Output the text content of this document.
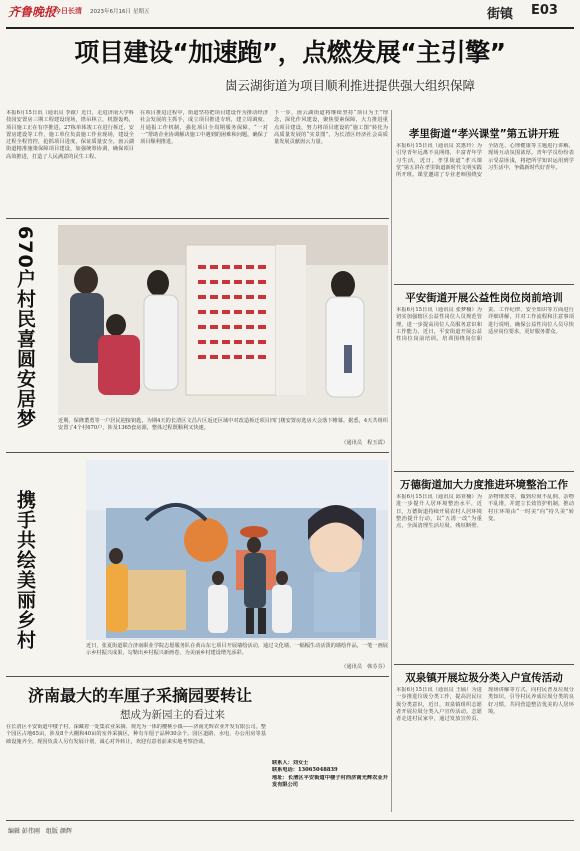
齐鲁晚报
今日长清 2023年6月16日 星期五	街镇 E03
项目建设“加速跑”，点燃发展“主引擎”
崮云湖街道为项目顺利推进提供强大组织保障
本报6月15日讯（通讯员 李歙）近日，走进济南大学科技园安置房三期工程建设现场，塔吊林立，机器轰鸣，项目施工正在有序推进。27栋单体竣工在进行拆迁、安置房建设等工作，施工单位负责施工作业现场，建设全过程全程管控，抢抓项目进度，保证质量安全。崮云湖街道精准施策保障项目建设，加强统筹协调，确保项目高效推进，打造了人民满意的民生工程。
在项目推进过程中，街道坚持把项目建设作为推动经济社会发展的主抓手，成立项目推进专班，建立周调度、月通报工作机制，强化项目全周期服务保障，“一对一”帮助企业协调解决施工中遇到的困难和问题，确保了项目顺利推进。
下一步，崮云湖街道将继续坚持“项目为王”理念，深化作风建设，聚焦要素保障，大力推进重点项目建设，努力将项目建设的“施工图”转化为高质量发展的“实景图”，为长清区经济社会高质量发展贡献崮云力量。
670户村民喜圆安居梦	近期，保隆董勇等一户居民迎接钥匙，为期4天的长清区文昌片区返还区域中对改造拆迁项目四门楼安置房选房大会落下帷幕。据悉，4天共组织安置了4个村670户，涉及1365套房源，整体过程既顺利又快速。
（通讯员　程玉霞）
携手共绘美丽乡村	近日，张夏街道联合济南职业学院志愿服务队在黄山东七项目开展墙绘活动，通过文化墙、一幅幅生动活泼的墙绘作品，一笔一画展示乡村振兴成果，勾勒出乡村振兴新画卷，为美丽乡村建设增光添彩。
（通讯员　韩芬芬）
济南最大的车厘子采摘园要转让
想成为新园主的看过来
在长清区平安街道中楼子村，深藏着一处集农业采摘、观光为一体的樱桃小镇——济南光辉农业开发有限公司。整个园区占地65亩，涉及8个大棚和40亩的室外采摘区，种有车厘子品种30余个。园区道路、水电、办公用房等基础设施齐全，现因负责人另有发展计划，诚心对外转让，欢迎有意者前来实地考察洽谈。
联系人：刘女士
联系电话：13065048839
地址：长清区平安街道中楼子村西济南光辉农业开发有限公司
孝里街道“孝兴课堂”第五讲开班
本报6月15日讯（通讯员 宾惠玲）为引导青年远离不良网络，丰富青年学习生活，近日，孝里街道“孝兴课堂”第五讲在孝里街道新时代文明实践所开班。课堂邀请了专业老师围绕安全防范、心理健康等主题进行讲解，现场互动氛围浓厚。青年学员纷纷表示受益匪浅，将把所学知识运用到学习生活中，争做新时代好青年。
平安街道开展公益性岗位岗前培训
本报6月15日讯（通讯员 张梦楠）为切实加强辖区公益性岗位人员规范管理，进一步提高岗位人员服务意识和工作能力，近日，平安街道开展公益性岗位岗前培训。培训围绕岗位职责、工作纪律、安全知识等方面进行详细讲解，并对工作流程和注意事项进行说明，确保公益性岗位人员尽快适应岗位要求，更好服务群众。
万德街道加大力度推进环境整治工作
本报6月15日讯（通讯员 邱亚楠）为进一步提升人居环境整治水平，近日，万德街道持续开展农村人居环境整治提升行动，以“五清一改”为重点，全面清理生活垃圾、残垣断壁、杂物堆放等，做到垃圾不乱倒、杂物不乱堆，并建立长效管护机制，推动村庄环境由“一时美”向“持久美”转变。
双泉镇开展垃圾分类入户宣传活动
本报6月15日讯（通讯员 王硕）为进一步推进垃圾分类工作，提高居民垃圾分类意识，近日，双泉镇组织志愿者开展垃圾分类入户宣传活动。志愿者走进村民家中，通过发放宣传页、现场讲解等方式，向村民普及垃圾分类知识，引导村民养成垃圾分类的良好习惯，共同营造整洁优美的人居环境。
编辑 彭伟刚　组版 颜辉
